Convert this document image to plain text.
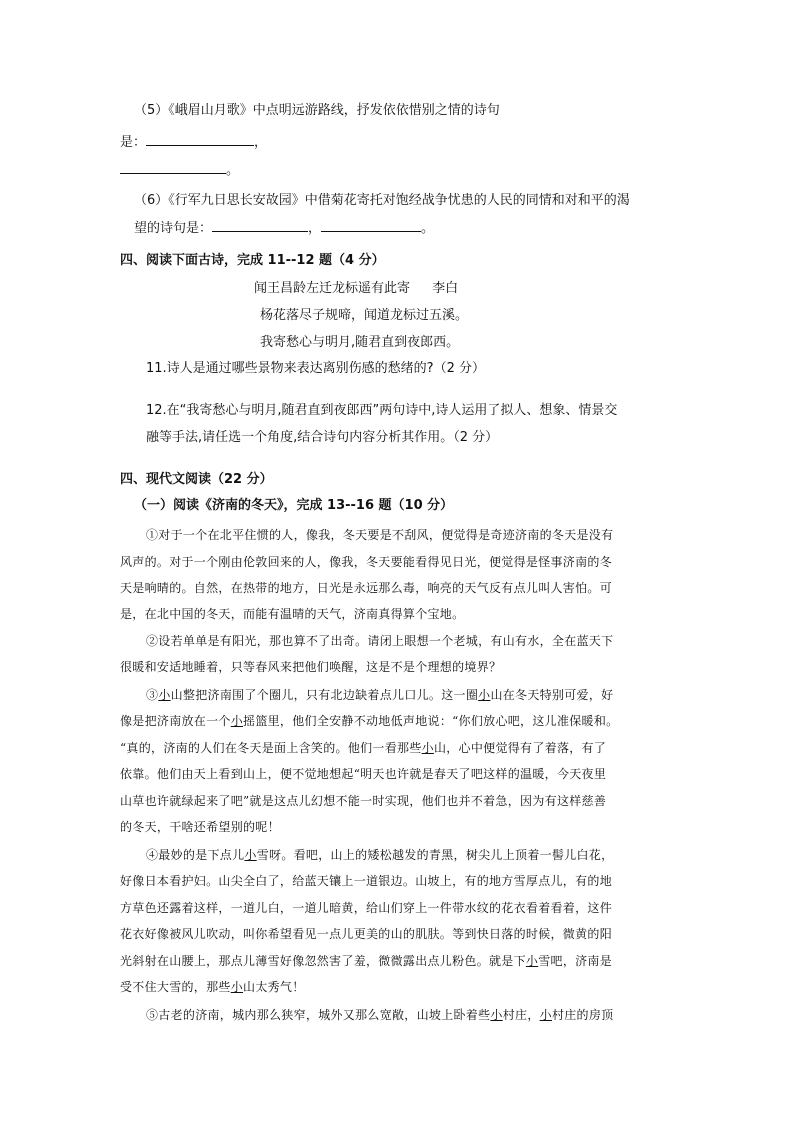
（5）《峨眉山月歌》中点明远游路线，抒发依依惜别之情的诗句
是：	，
。
（6）《行军九日思长安故园》中借菊花寄托对饱经战争忧患的人民的同情和对和平的渴
望的诗句是：	，	。
四、阅读下面古诗，完成 11--12 题（4 分）
闻王昌龄左迁龙标遥有此寄 李白
杨花落尽子规啼，闻道龙标过五溪。
我寄愁心与明月,随君直到夜郎西。
11.诗人是通过哪些景物来表达离别伤感的愁绪的?（2 分）
12.在“我寄愁心与明月,随君直到夜郎西”两句诗中,诗人运用了拟人、想象、情景交
融等手法,请任选一个角度,结合诗句内容分析其作用。（2 分）
四、现代文阅读（22 分）
（一）阅读《济南的冬天》，完成 13--16 题（10 分）
①对于一个在北平住惯的人，像我，冬天要是不刮风，便觉得是奇迹济南的冬天是没有
风声的。对于一个刚由伦敦回来的人，像我，冬天要能看得见日光，便觉得是怪事济南的冬
天是响晴的。自然，在热带的地方，日光是永远那么毒，响亮的天气反有点儿叫人害怕。可
是，在北中国的冬天，而能有温晴的天气，济南真得算个宝地。
②设若单单是有阳光，那也算不了出奇。请闭上眼想一个老城，有山有水，全在蓝天下
很暖和安适地睡着，只等春风来把他们唤醒，这是不是个理想的境界？
③小山整把济南围了个圈儿，只有北边缺着点儿口儿。这一圈小山在冬天特别可爱，好
像是把济南放在一个小摇篮里，他们全安静不动地低声地说：“你们放心吧，这儿准保暖和。
“真的，济南的人们在冬天是面上含笑的。他们一看那些小山，心中便觉得有了着落，有了
依靠。他们由天上看到山上，便不觉地想起“明天也许就是春天了吧这样的温暖，今天夜里
山草也许就绿起来了吧”就是这点儿幻想不能一时实现，他们也并不着急，因为有这样慈善
的冬天，干啥还希望别的呢！
④最妙的是下点儿小雪呀。看吧，山上的矮松越发的青黑，树尖儿上顶着一髻儿白花，
好像日本看护妇。山尖全白了，给蓝天镶上一道银边。山坡上，有的地方雪厚点儿，有的地
方草色还露着这样，一道儿白，一道儿暗黄，给山们穿上一件带水纹的花衣看着看着，这件
花衣好像被风儿吹动，叫你希望看见一点儿更美的山的肌肤。等到快日落的时候，微黄的阳
光斜射在山腰上，那点儿薄雪好像忽然害了羞，微微露出点儿粉色。就是下小雪吧，济南是
受不住大雪的，那些小山太秀气！
⑤古老的济南，城内那么狭窄，城外又那么宽敞，山坡上卧着些小村庄，小村庄的房顶
